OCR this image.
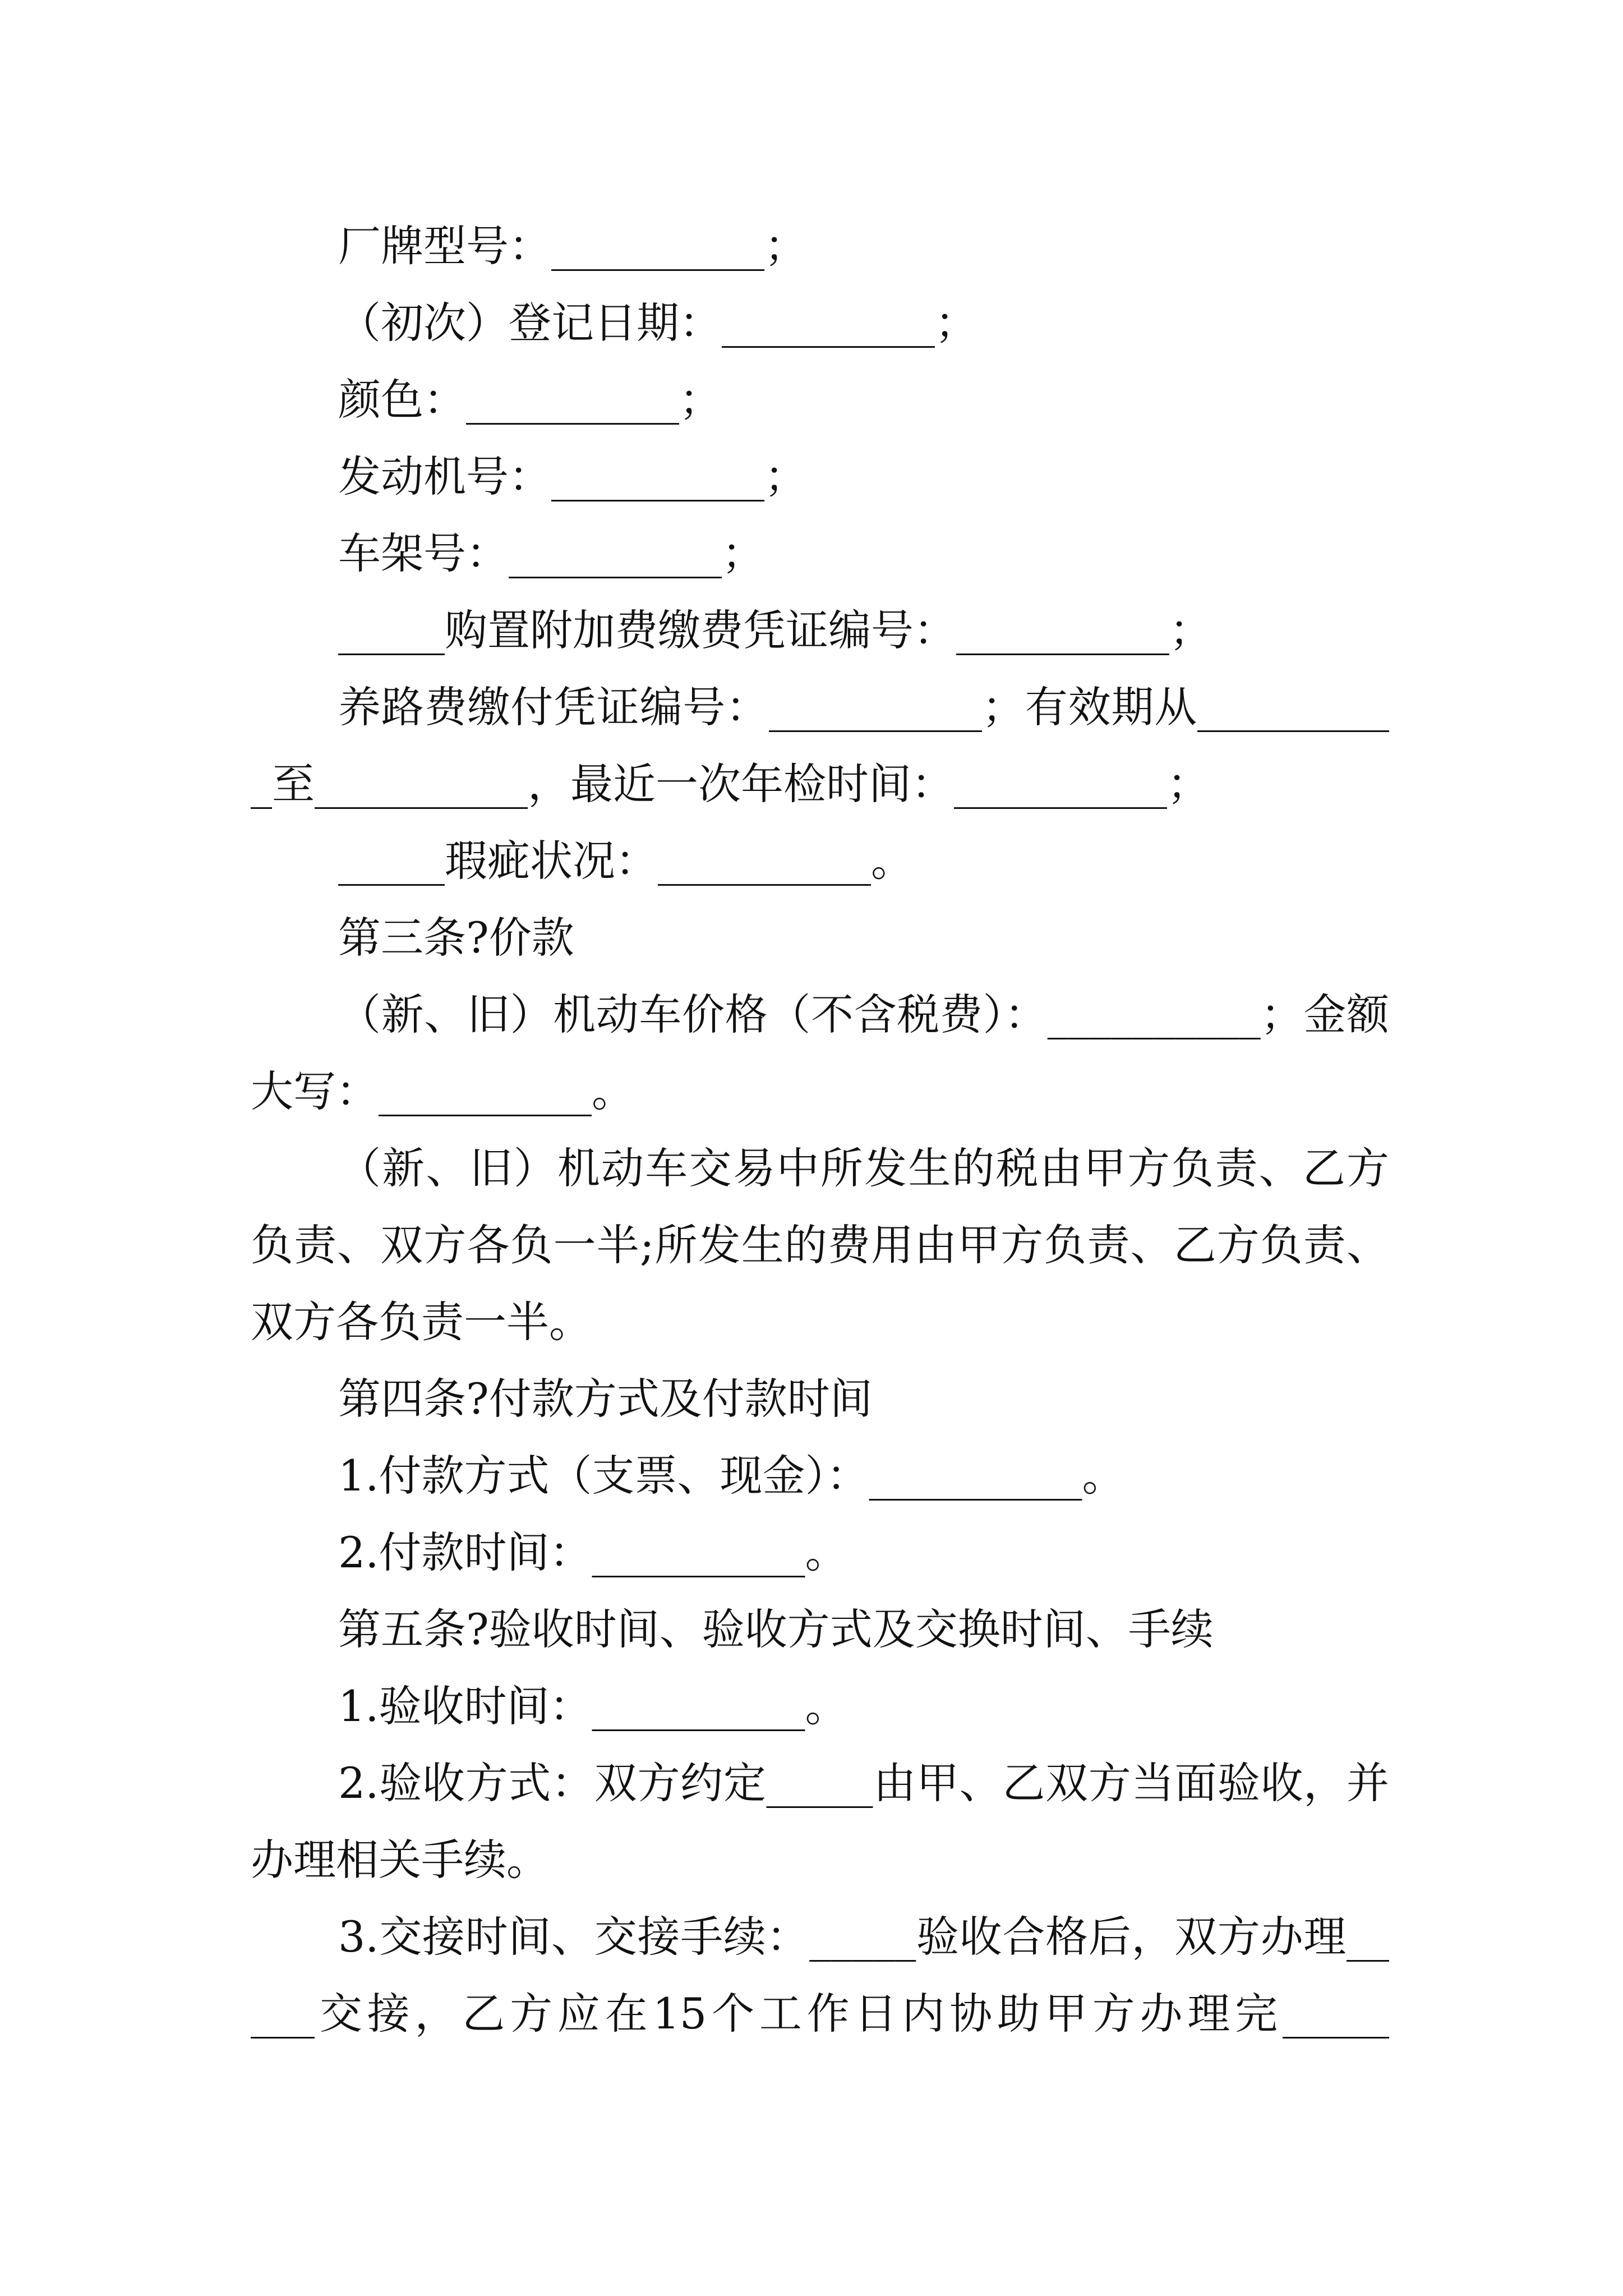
厂牌型号：__________；

（初次）登记日期：__________；

颜色：__________；

发动机号：__________；

车架号：__________；

_____购置附加费缴费凭证编号：__________；

养路费缴付凭证编号：__________；有效期从__________至__________，最近一次年检时间：__________；

_____瑕疵状况：__________。

第三条?价款

（新、旧）机动车价格（不含税费）：__________；金额大写：__________。

（新、旧）机动车交易中所发生的税由甲方负责、乙方负责、双方各负一半;所发生的费用由甲方负责、乙方负责、双方各负责一半。

第四条?付款方式及付款时间

1.付款方式（支票、现金）：__________。

2.付款时间：__________。

第五条?验收时间、验收方式及交换时间、手续

1.验收时间：__________。

2.验收方式：双方约定_____由甲、乙双方当面验收，并办理相关手续。

3.交接时间、交接手续：_____验收合格后，双方办理_____交接，乙方应在15个工作日内协助甲方办理完_____
